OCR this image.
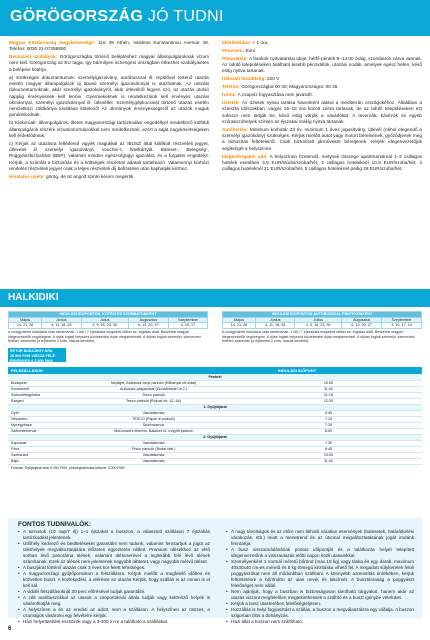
GÖRÖGORSZÁG JÓ TUDNI

Magyar Köztársaság Nagykövetsége: 116 35 Athén, Vasileos Konstantinou Avenue 38. Telefon: 0030 21-07256800

Beutazási szabályok: Görögországba történő beléptéshez magyar állampolgároknak vízum nem kell. Görögország az EU tagja, így bármilyen schengeni országban érkezhet szabályaiétes a belépési kötérja.

a) Szükséges dokumentumok: személyigazolvány, autóbusszal ill. repülővel történő utazás esetén magyar állampolgárok új típusú személyi igazolvánnyal is utazhatnak. Az utazási dokumentumoknak, akár személyi igazolványról, akár útlevélről legyen szó, az utazás utolsó napjáig érvényesnek kell lennie. Gyermekeknek is rendelkezniük kell érvényes utazási okmánnyal, személyi igazolvánnyal ill. útlevéllel. Személygépkocsival történő utazás esetén nemzetközi zöldkártya kiváltása kötelező! Az okmányok érvényességéről az utazók maguk gondoskodnak.

b) Kiskorúak: állampolgárok, illetve magyarországi tartózkodási engedéllyel rendelkező külföldi állampolgárok részére vízuminformációkkal nem rendelkezünk, ezért a saját nagykövetségeken kell érdeklődniük.

c) Kérjük az utazásra feltétlenül vigyék magukkal az IBUSZ által kiállított részvételi jegyet, útlevelet ill. személyi igazolványt, voucher-t, hitelkártyát, Baleset-, Betegség-, Poggyászbiztosítást (BBP), valamint minden egészségügyi igazolást, és a forgalmi engedélyt. Kérjük, a számlát a biztosítás és a költségek részletes adatait tartalmazó. Valamennyi kórházi rendelés részvételi jegyet csak a teljes részvételi díj befizetése után kaphatják kézhez.

Hivatalos nyelv: görög, de az angolt szinte kérem megértik

Időeltolódás: + 1 óra.

Pénznem: Euró

Pénzváltás: A bankok nyitvatartási ideje: hétfő-péntek 9–14.00 óráig, szombaton zárva vannak. Az üdülő településeken található kisebb pénzváltók, utazási irodák, amelyek egész héten, késő estig nyitva tartanak.

Hálózati feszültség: 220 V

Telefon: Görögországba 00 30; Magyarországra: 00 36

Ivóvíz: A csapvíz fogyasztása nem javasolt.

Üzletek: Az üzletek nyitva tartása havonként alakul a mediterrán országokéhoz. Általában a szieszta időszakban, vagyis 15–18 óra között zárva tartanak, de az üdülő településeken ezt sokszor nem tartják be, késő estig várják a vásárlókat. A tavernák, kávézók és egyéb szórakozóhelyek szintén az éjszakai órákig nyitva tartanak.

Autóbérlés: Minimum korhatár 23 év, minimum 1 éves jogosítvány, útlevél (néhol elegendő a személyi igazolvány) szükséges. Kérjük mielőtt autót vagy motort bérelnének, győződjenek meg a biztosítás feltételeiről. Csak biztosított járműveket béreljenek. Kérjék idegenvezetőjük segítségét a helyszínen.

Idegenforgalmi adó: A helyszínen fizetendő, melynek összege apartmanoknál 1–2 csillagos hotelek esetében 3,5 EUR/stúdió/szoba/hét, 3 csillagos hoteleknél 10,5 EUR/szoba/hét, 4 csillagos hoteleknél 21 EUR/szoba/hét, 5 csillagos hoteleknél pedig 28 EUR/szoba/hét.

HALKIDIKI
INDULÁSI IDŐPONTOK, KÖTÉSI ÉS SZOMBATONKÉNT				
Május	Június	Július	Augusztus	Szeptember
14, 21, 28	4, 11, 18, 25	2, 9, 16, 23, 30	6, 13, 20, 27	3, 10, 17
A vízágyosheti indulások utak tartamának: 1 idő / 7 éjszakára megadott időket az, foglalás alatt. Beszélési magyar idegenvezetők segítségére. A díjbe foglalt helyszíni közlekedési díjak megismerését. A díjban foglalt személyi: szervezési feltétel, számolás (a díjfizetési 2 órás, utazás kezdete).
INDULÁSI IDŐPONTOK AUTÓBUSSZAL PÉNTEKENKÉNT				
Május	Június	Július	Augusztus	Szeptember
14, 21, 28	4, 11, 18, 25	2, 9, 16, 23, 30	6, 13, 20, 27	3, 10, 17, 24
A vízágyosheti indulások utak tartamának: 1 idő / 7 éjszakára megadott időket az, foglalás alatt. Beszélési magyar idegenvezetők segítségére. A díjbe foglalt helyszíni közlekedési díjak megismerését. A díjban foglalt személyi: szervezési feltétel, számolás (a díjfizetési 2 órás, utazás kezdete).
RETÚR BUSZJEGY ÁRA 26.900 Ft/fő VISSZA FELÉ ÉRVÉNYES A 1.900 Ft/fő
FELSZÁLLÁSOK	INDULÁSI IDŐPONT
Pénteki		
Budapest	Népliget, Autóbusz-helyi parkoló (Kőbányai úti oldal)	10:00
Kecskemét	Autóbusz-pályaudvar (Dunaföldvári út 2.)	11:00
Kiskunfélegyháza	Tesco parkoló	11:15
Szeged	Tesco parkoló (Rókusi krt. 42–64)	12:30
1. Gyűjtőjárat		
Győr	Vasútállomás	5:45
Veszprém	TESCO (Pápai út parkoló)	7:15
Nyíregyháza	Sportcsarnok	7:30
Székesfehérvár	McDonald's étterem, Balatoni út, mögött parkoló	8:00
2. Gyűjtőjárat		
Kaposvár	Vasútállomás	7:30
Pécs	Tesco parkoló (Budai várt.)	8:45
Szekszárd	Vasútállomás	10:00
Baja	Vasútállomás	11:00
Felárak: Gyűjtőjárat felár 5.000 Ft/fő, pótmegvalósítás kétszer 3.000 Ft/fő.
FONTOS TUDNIVALÓK:
• A turnusok (10 nap/7 éj) 1–1 éjszakát a busszon, a választott szálláson 7 éjszakás tartózkodást jelentenek.
• Útlőhely kedvező és beültetéseket garantálni nem tudunk, valamint fenntartjuk a jogot az üléshelyek megváltoztatására előzetes egyeztetés nélkül. Premium ülésekhez az első sorban lévő panoráma ülések, valamint üléscserével a leginkább felé lévő ülések számítanak. Ezek az ülések nem jelentenek nagyobb lábteret, vagy nagyobb mérvű üléset.
• A buszjárat történő utazás csak 3 éves kor felett lehetséges.
• A magyarországi gyűjtőpontokon a felszállásra. Kérjük mielőtt a megfelelő időben és közvetlen buszt. A közlekedési, a elérésre az utazás Kérjük, hogy szállás is az onnan is el kell sál.
• A viddéi felszállásoknál 30 perc előrésével tudjuk garantálni.
• A célt autóbuszokkal az utasok a csoportoknál általa tudják vagy különöző helyek is vásárolhatják meg.
• A helyszínen a és az eredeti az adott, sem a szálláson. A helyszínen az összes, a csomagok vásárolni egy felvételre kérjük.
• Házi helyettesítési eszközök vagy a 3-400 m-re a található a szálláskat.
• A nagy távolságok és az előre nem látható váratlan események (balesetek, határátkelési várakozás, stb.) miatt a menetrend és az útvonal megváltoztatásának jogát irodánk fenntartja.
• A busz visszaindulásának pontos időpontját és a találkozás helyét telepített idegenvezetőnk a visszautazás előtti napon közli utasainkkal.
• Személyenként 1 normál méretű bőrönd (max.18 kg) vagy táska és egy darab, maximum 40x30x40 cm-es méretű és 5 kg tömegű kézitáska vihető fel. A megadott súlykeretek felüli poggyászokat nem áll módunkban szállítani. A könnyebb azonosítás érdekében, kérjük feltüntetésre a bőröndön az utas nevét és lakcímét. A busztársaság a poggyászt felelőséget nem vállal.
• Nem ajánljuk, hogy a buszban is biztonságosan tárolható tárgyakat, hanem akár az utazás viszont megfelelően megtekinthessék a szállító és a buszt igénybe vételüket.
• Kérjük a busz utasterében felelőségteljesen.
• Hozzállás is helyi fogyasztást a szállás, a buszon a megválasztásra egy vállalja. A buszon szigorúan tilos a dohányzás.
• Házi állat a buszon nem szállítható.
6
